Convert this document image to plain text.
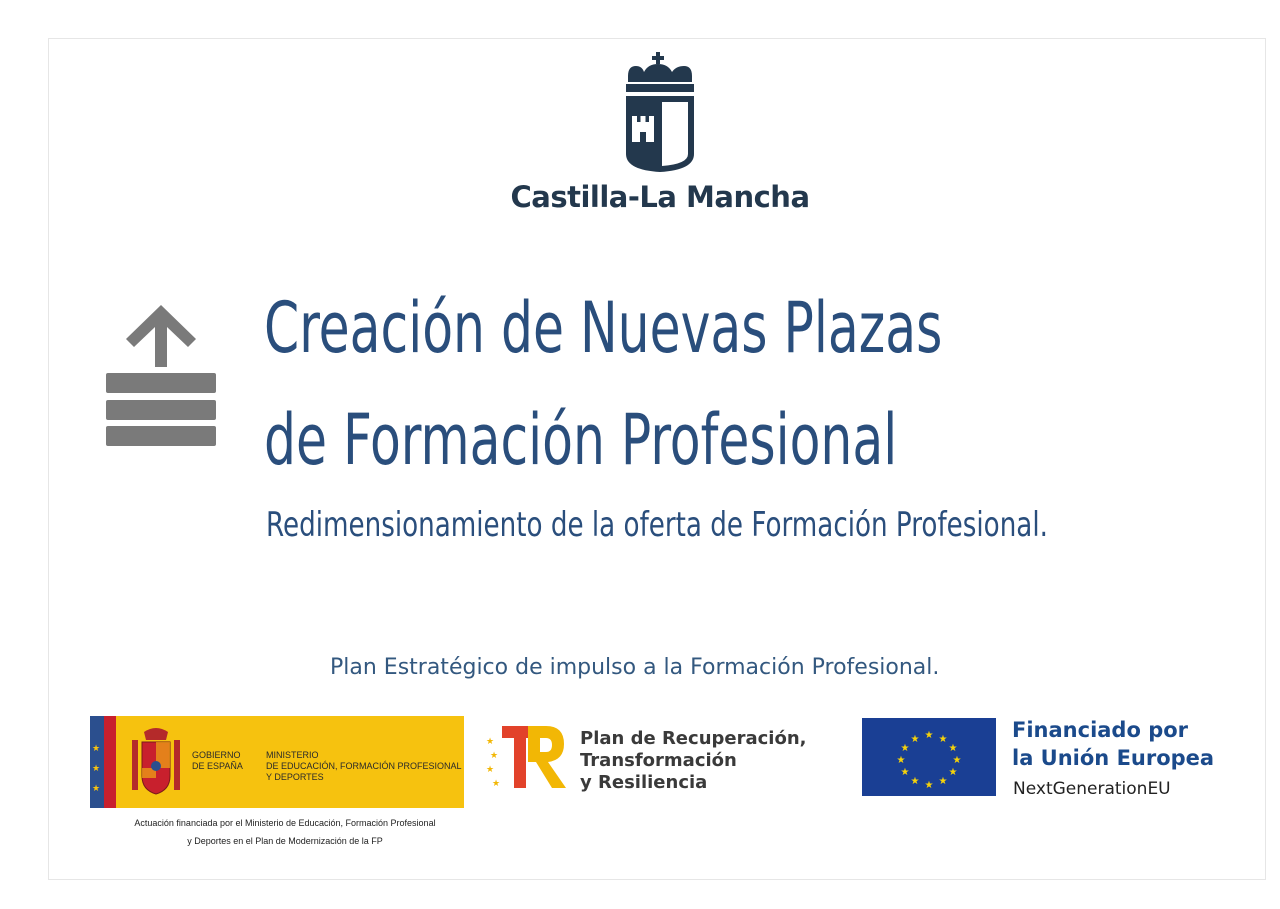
Castilla-La Mancha
Creación de Nuevas Plazas
de Formación Profesional
Redimensionamiento de la oferta de Formación Profesional.
Plan Estratégico de impulso a la Formación Profesional.
★
★
★
GOBIERNO
DE ESPAÑA
MINISTERIO
DE EDUCACIÓN, FORMACIÓN PROFESIONAL
Y DEPORTES
Actuación financiada por el Ministerio de Educación, Formación Profesional
y Deportes en el Plan de Modernización de la FP
★
★
★
★
Plan de Recuperación,
Transformación
y Resiliencia
★ ★
★
★
★
★
★
★
★
★
★
★	Financiado por
la Unión Europea
NextGenerationEU
